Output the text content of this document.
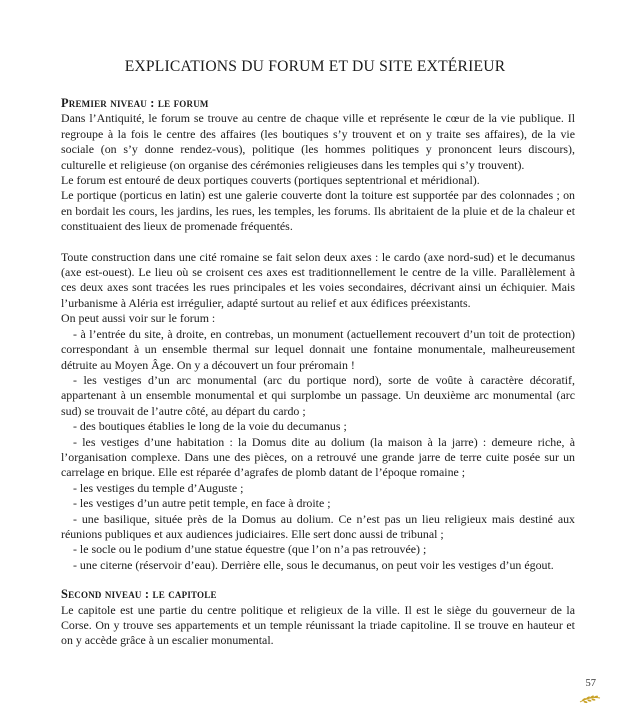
EXPLICATIONS DU FORUM ET DU SITE EXTÉRIEUR
Premier niveau : le forum

Dans l’Antiquité, le forum se trouve au centre de chaque ville et représente le cœur de la vie publique. Il regroupe à la fois le centre des affaires (les boutiques s’y trouvent et on y traite ses affaires), de la vie sociale (on s’y donne rendez-vous), politique (les hommes politiques y prononcent leurs discours), culturelle et religieuse (on organise des cérémonies religieuses dans les temples qui s’y trouvent).

Le forum est entouré de deux portiques couverts (portiques septentrional et méridional).

Le portique (porticus en latin) est une galerie couverte dont la toiture est supportée par des colonnades ; on en bordait les cours, les jardins, les rues, les temples, les forums. Ils abritaient de la pluie et de la chaleur et constituaient des lieux de promenade fréquentés.

Toute construction dans une cité romaine se fait selon deux axes : le cardo (axe nord-sud) et le decumanus (axe est-ouest). Le lieu où se croisent ces axes est traditionnellement le centre de la ville. Parallèlement à ces deux axes sont tracées les rues principales et les voies secondaires, décrivant ainsi un échiquier. Mais l’urbanisme à Aléria est irrégulier, adapté surtout au relief et aux édifices préexistants.

On peut aussi voir sur le forum :

- à l’entrée du site, à droite, en contrebas, un monument (actuellement recouvert d’un toit de protection) correspondant à un ensemble thermal sur lequel donnait une fontaine monumentale, malheureusement détruite au Moyen Âge. On y a découvert un four préromain !

- les vestiges d’un arc monumental (arc du portique nord), sorte de voûte à caractère décoratif, appartenant à un ensemble monumental et qui surplombe un passage. Un deuxième arc monumental (arc sud) se trouvait de l’autre côté, au départ du cardo ;

- des boutiques établies le long de la voie du decumanus ;

- les vestiges d’une habitation : la Domus dite au dolium (la maison à la jarre) : demeure riche, à l’organisation complexe. Dans une des pièces, on a retrouvé une grande jarre de terre cuite posée sur un carrelage en brique. Elle est réparée d’agrafes de plomb datant de l’époque romaine ;

- les vestiges du temple d’Auguste ;

- les vestiges d’un autre petit temple, en face à droite ;

- une basilique, située près de la Domus au dolium. Ce n’est pas un lieu religieux mais destiné aux réunions publiques et aux audiences judiciaires. Elle sert donc aussi de tribunal ;

- le socle ou le podium d’une statue équestre (que l’on n’a pas retrouvée) ;

- une citerne (réservoir d’eau). Derrière elle, sous le decumanus, on peut voir les vestiges d’un égout.

Second niveau : le capitole

Le capitole est une partie du centre politique et religieux de la ville. Il est le siège du gouverneur de la Corse. On y trouve ses appartements et un temple réunissant la triade capitoline. Il se trouve en hauteur et on y accède grâce à un escalier monumental.

57
